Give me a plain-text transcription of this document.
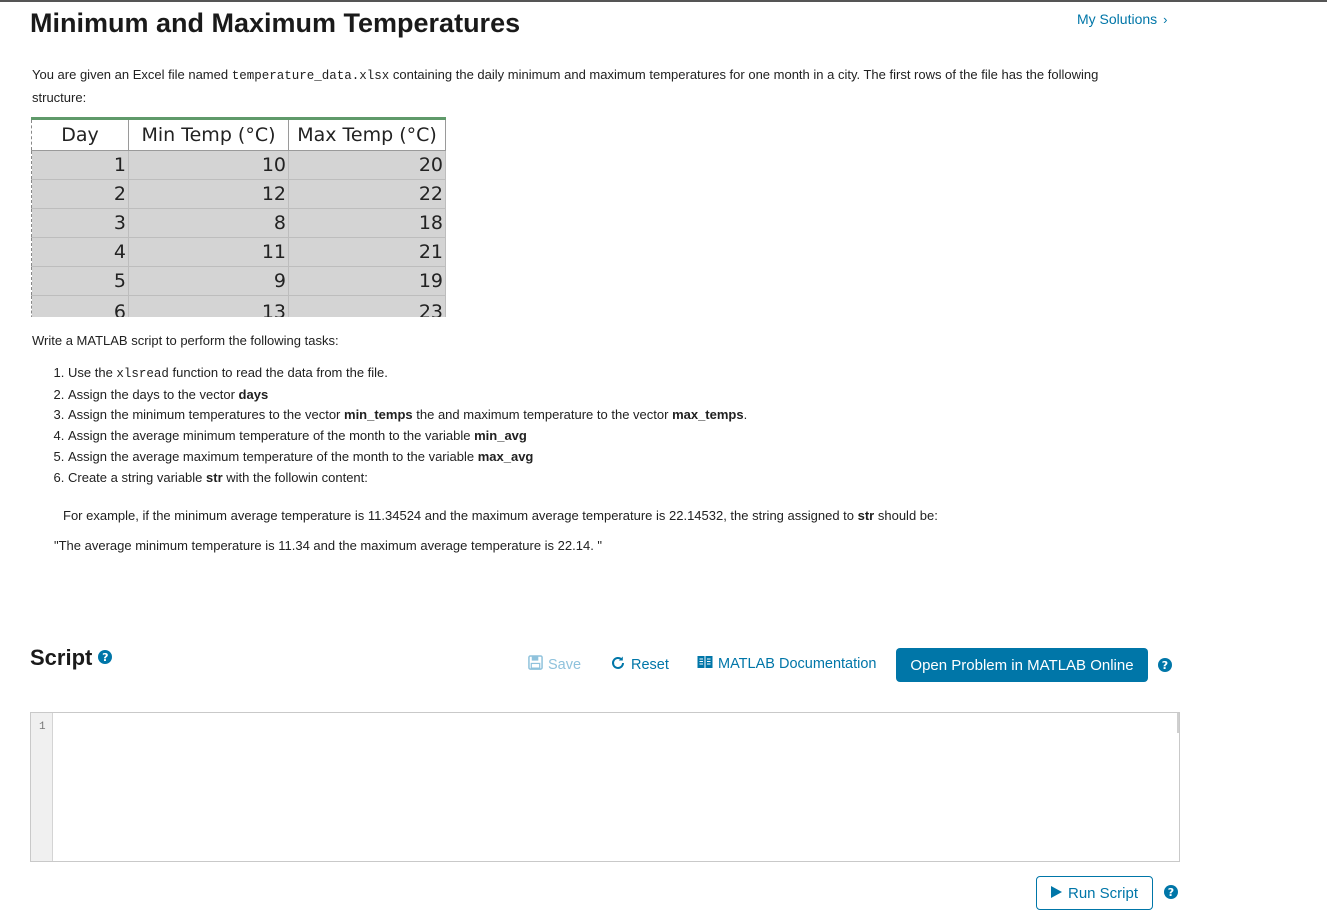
Minimum and Maximum Temperatures	My Solutions ›

You are given an Excel file named temperature_data.xlsx containing the daily minimum and maximum temperatures for one month in a city. The first rows of the file has the following structure:

Day	Min Temp (°C)	Max Temp (°C)
1	10	20
2	12	22
3	8	18
4	11	21
5	9	19
6	13	23

Write a MATLAB script to perform the following tasks:

1. Use the xlsread function to read the data from the file.
2. Assign the days to the vector days
3. Assign the minimum temperatures to the vector min_temps the and maximum temperature to the vector max_temps.
4. Assign the average minimum temperature of the month to the variable min_avg
5. Assign the average maximum temperature of the month to the variable max_avg
6. Create a string variable str with the followin content:

For example, if the minimum average temperature is 11.34524 and the maximum average temperature is 22.14532, the string assigned to str should be:

"The average minimum temperature is 11.34 and the maximum average temperature is 22.14. "

Script ?	Save	Reset	MATLAB Documentation	Open Problem in MATLAB Online	?
1
Run Script	?
